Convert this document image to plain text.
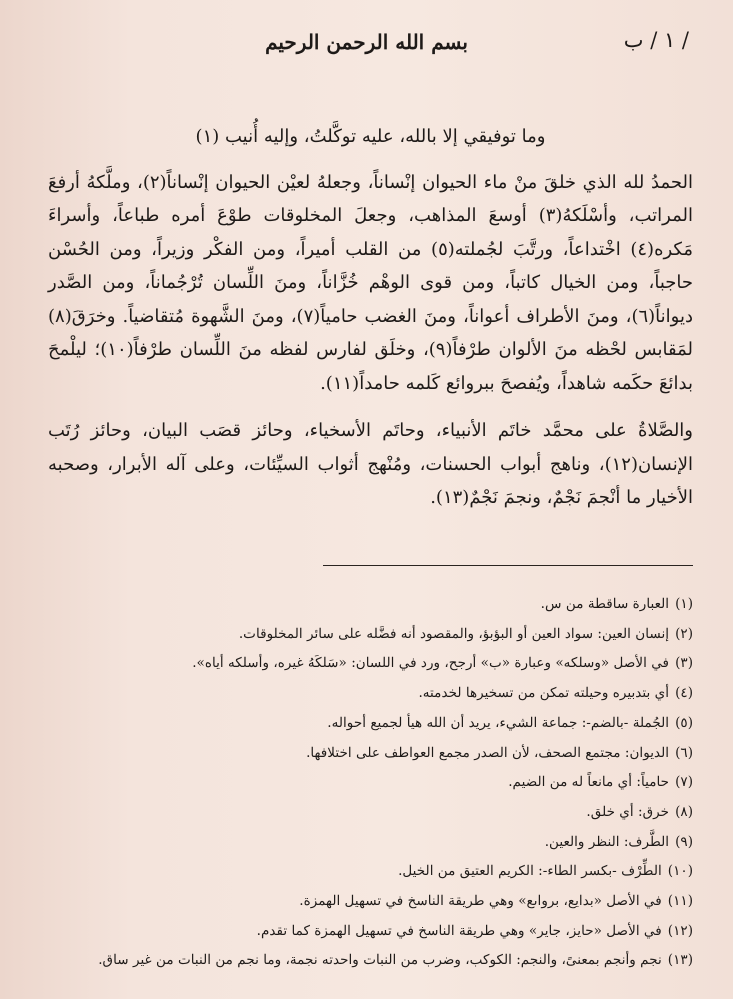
بسم الله الرحمن الرحيم	/ ١ / ب

وما توفيقي إلا بالله، عليه توكَّلتُ، وإليه أُنيب (١)

الحمدُ لله الذي خلقَ منْ ماء الحيوان إنْساناً، وجعلهُ لعيْن الحيوان إنْساناً(٢)، وملَّكهُ أرفعَ المراتب، وأسْلَكهُ(٣) أوسعَ المذاهب، وجعلَ المخلوقات طوْعَ أمره طباعاً، وأسراءَ مَكره(٤) اخْتداعاً، ورتَّبَ لجُملته(٥) من القلب أميراً، ومن الفكْر وزيراً، ومن الحُسْن حاجباً، ومن الخيال كاتباً، ومن قوى الوهْم خُزَّاناً، ومنَ اللِّسان تُرْجُماناً، ومن الصَّدر ديواناً(٦)، ومنَ الأطراف أعواناً، ومنَ الغضب حامياً(٧)، ومنَ الشَّهوة مُتقاضياً. وخرَقَ(٨) لمَقابس لحْظه منَ الألوان طرْفاً(٩)، وخلَق لفارس لفظه منَ اللِّسان طرْفاً(١٠)؛ ليلْمحَ بدائعَ حكَمه شاهداً، ويُفصحَ ببروائع كَلمه حامداً(١١).

والصَّلاةُ على محمَّد خاتَم الأنبياء، وحاتَم الأسخياء، وحائز قصَب البيان، وحائز رُتَب الإنسان(١٢)، وناهج أبواب الحسنات، ومُنْهج أثواب السيِّئات، وعلى آله الأبرار، وصحبه الأخيار ما أنْجمَ نَجْمٌ، ونجمَ نَجْمٌ(١٣).

(١)العبارة ساقطة من س.
(٢)إنسان العين: سواد العين أو البؤبؤ، والمقصود أنه فضَّله على سائر المخلوقات.
(٣)في الأصل «وسلكه» وعبارة «ب» أرجح، ورد في اللسان: «سَلكَهُ غيره، وأسلكه أياه».
(٤)أي بتدبيره وحيلته تمكن من تسخيرها لخدمته.
(٥)الجُملة -بالضم-: جماعة الشيء، يريد أن الله هيأ لجميع أحواله.
(٦)الديوان: مجتمع الصحف، لأن الصدر مجمع العواطف على اختلافها.
(٧)حامياً: أي مانعاً له من الضيم.
(٨)خرق: أي خلق.
(٩)الطَّرف: النظر والعين.
(١٠)الطِّرْف -بكسر الطاء-: الكريم العتيق من الخيل.
(١١)في الأصل «بدايع، برواىع» وهي طريقة الناسخ في تسهيل الهمزة.
(١٢)في الأصل «حايز، جاير» وهي طريقة الناسخ في تسهيل الهمزة كما تقدم.
(١٣)نجم وأنجم بمعنىً، والنجم: الكوكب، وضرب من النبات واحدته نجمة، وما نجم من النبات من غير ساق.
